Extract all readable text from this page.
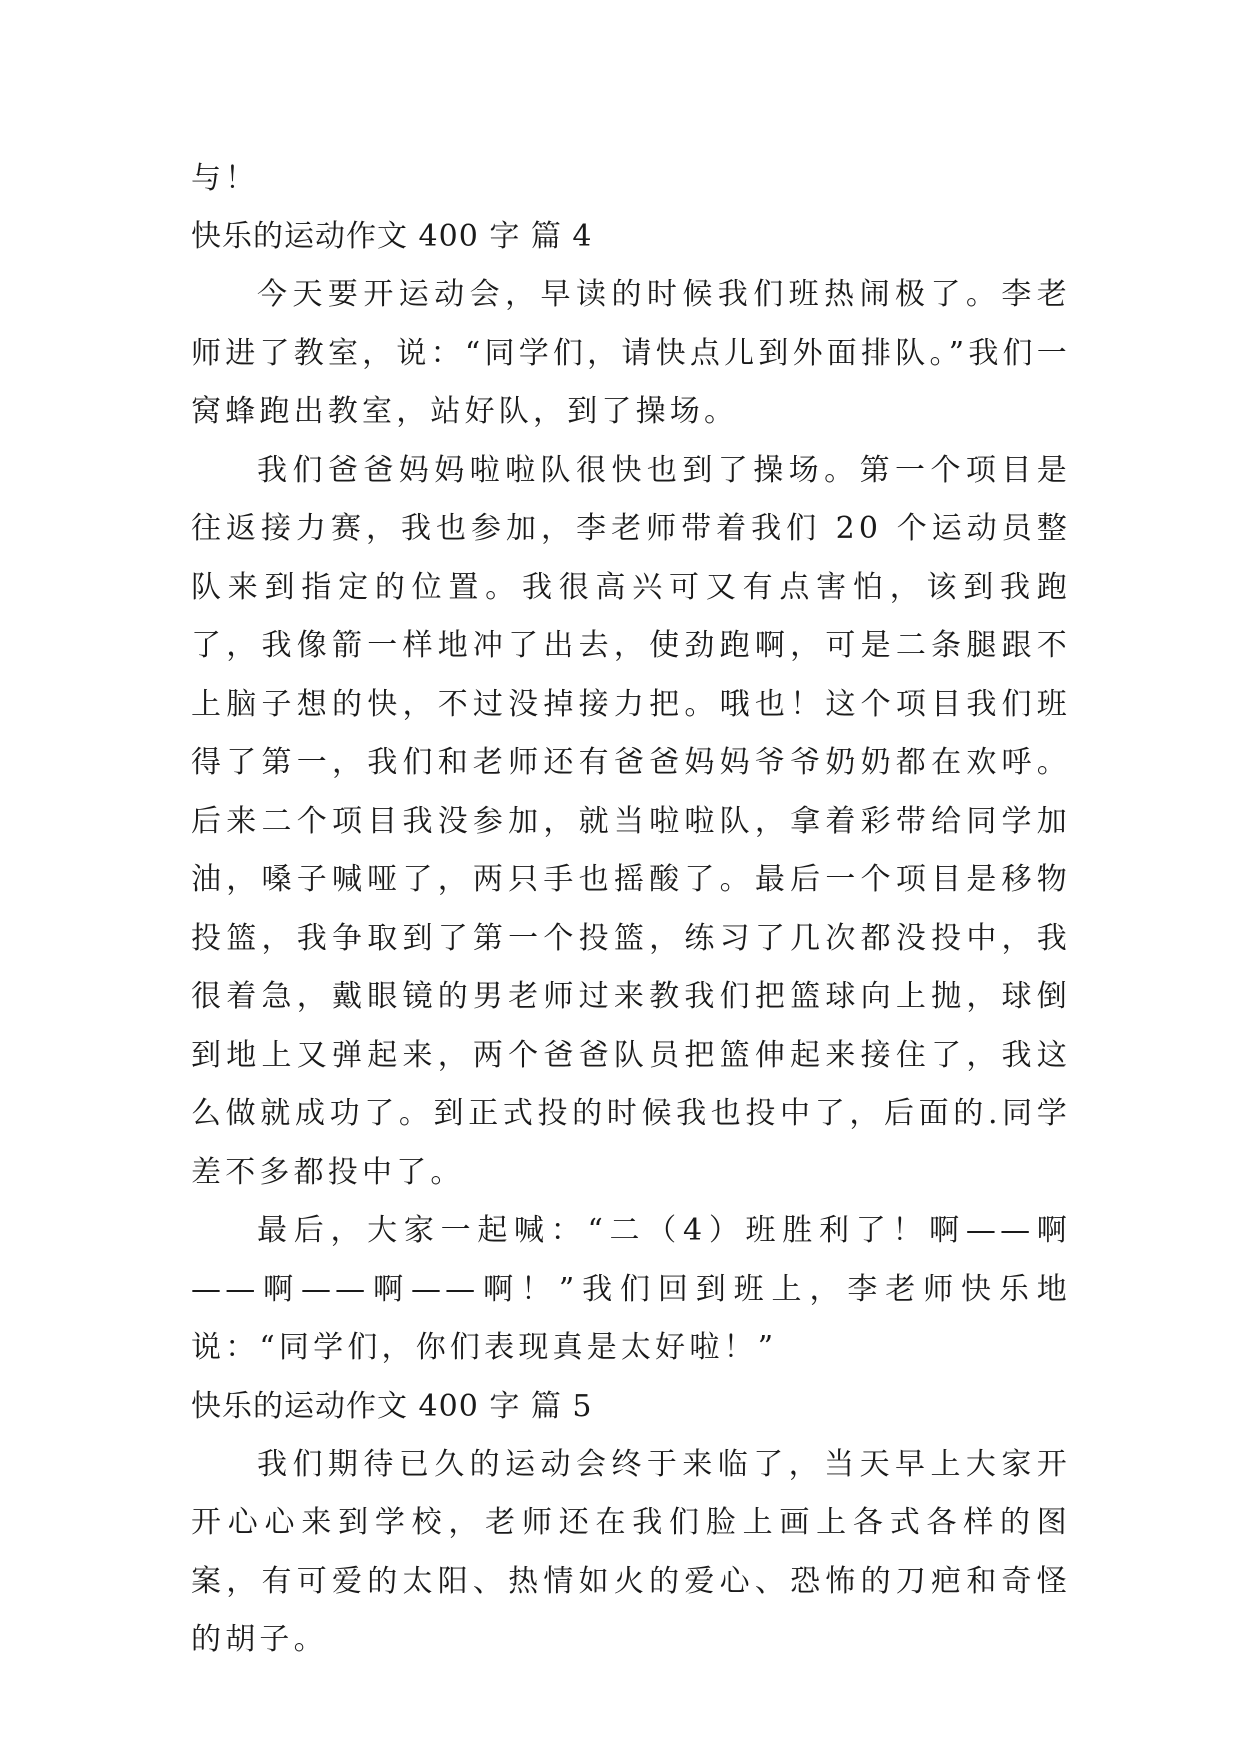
与！
快乐的运动作文 400 字 篇 4

今天要开运动会，早读的时候我们班热闹极了。李老师进了教室，说：“同学们，请快点儿到外面排队。”我们一窝蜂跑出教室，站好队，到了操场。

我们爸爸妈妈啦啦队很快也到了操场。第一个项目是往返接力赛，我也参加，李老师带着我们 20 个运动员整队来到指定的位置。我很高兴可又有点害怕，该到我跑了，我像箭一样地冲了出去，使劲跑啊，可是二条腿跟不上脑子想的快，不过没掉接力把。哦也！这个项目我们班得了第一，我们和老师还有爸爸妈妈爷爷奶奶都在欢呼。后来二个项目我没参加，就当啦啦队，拿着彩带给同学加油，嗓子喊哑了，两只手也摇酸了。最后一个项目是移物投篮，我争取到了第一个投篮，练习了几次都没投中，我很着急，戴眼镜的男老师过来教我们把篮球向上抛，球倒到地上又弹起来，两个爸爸队员把篮伸起来接住了，我这么做就成功了。到正式投的时候我也投中了，后面的.同学差不多都投中了。

最后，大家一起喊：“二（4）班胜利了！啊——啊——啊——啊——啊！”我们回到班上，李老师快乐地说：“同学们，你们表现真是太好啦！”

快乐的运动作文 400 字 篇 5

我们期待已久的运动会终于来临了，当天早上大家开开心心来到学校，老师还在我们脸上画上各式各样的图案，有可爱的太阳、热情如火的爱心、恐怖的刀疤和奇怪的胡子。
